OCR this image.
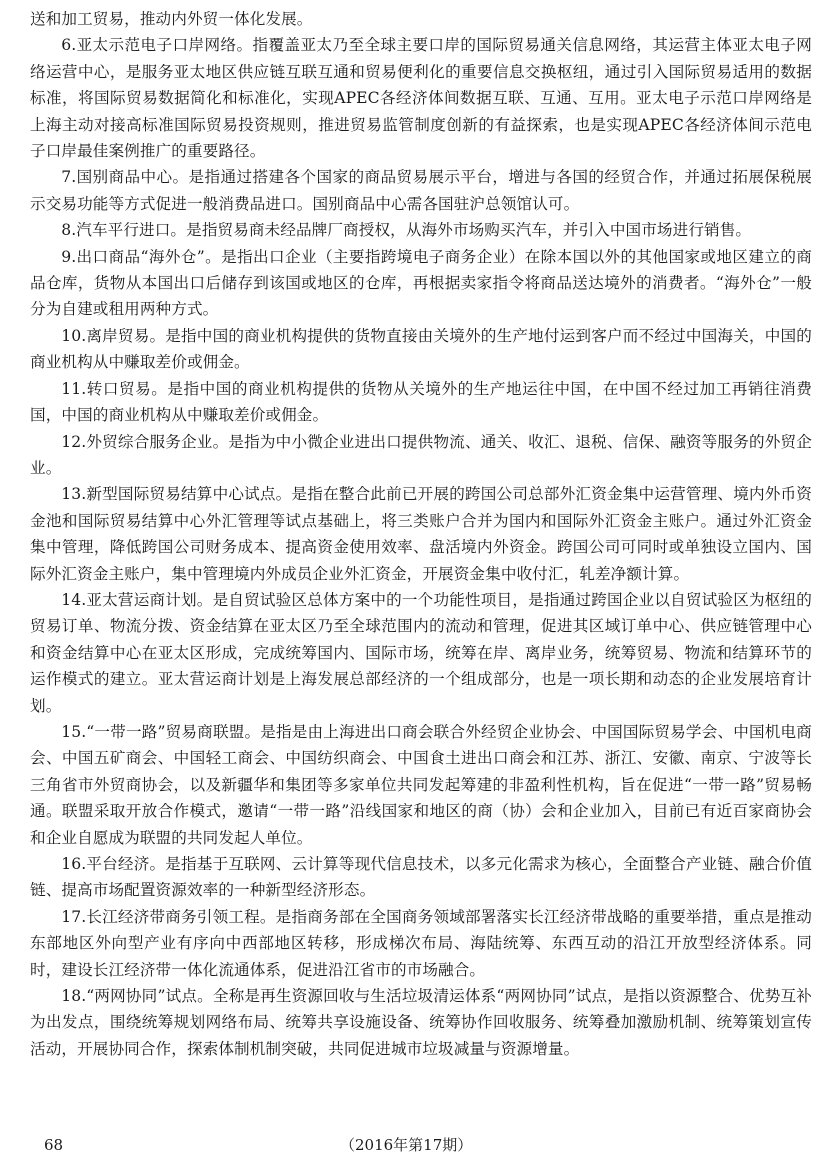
送和加工贸易，推动内外贸一体化发展。

6.亚太示范电子口岸网络。指覆盖亚太乃至全球主要口岸的国际贸易通关信息网络，其运营主体亚太电子网络运营中心，是服务亚太地区供应链互联互通和贸易便利化的重要信息交换枢纽，通过引入国际贸易适用的数据标准，将国际贸易数据简化和标准化，实现APEC各经济体间数据互联、互通、互用。亚太电子示范口岸网络是上海主动对接高标准国际贸易投资规则，推进贸易监管制度创新的有益探索，也是实现APEC各经济体间示范电子口岸最佳案例推广的重要路径。

7.国别商品中心。是指通过搭建各个国家的商品贸易展示平台，增进与各国的经贸合作，并通过拓展保税展示交易功能等方式促进一般消费品进口。国别商品中心需各国驻沪总领馆认可。

8.汽车平行进口。是指贸易商未经品牌厂商授权，从海外市场购买汽车，并引入中国市场进行销售。

9.出口商品“海外仓”。是指出口企业（主要指跨境电子商务企业）在除本国以外的其他国家或地区建立的商品仓库，货物从本国出口后储存到该国或地区的仓库，再根据卖家指令将商品送达境外的消费者。“海外仓”一般分为自建或租用两种方式。

10.离岸贸易。是指中国的商业机构提供的货物直接由关境外的生产地付运到客户而不经过中国海关，中国的商业机构从中赚取差价或佣金。

11.转口贸易。是指中国的商业机构提供的货物从关境外的生产地运往中国，在中国不经过加工再销往消费国，中国的商业机构从中赚取差价或佣金。

12.外贸综合服务企业。是指为中小微企业进出口提供物流、通关、收汇、退税、信保、融资等服务的外贸企业。

13.新型国际贸易结算中心试点。是指在整合此前已开展的跨国公司总部外汇资金集中运营管理、境内外币资金池和国际贸易结算中心外汇管理等试点基础上，将三类账户合并为国内和国际外汇资金主账户。通过外汇资金集中管理，降低跨国公司财务成本、提高资金使用效率、盘活境内外资金。跨国公司可同时或单独设立国内、国际外汇资金主账户，集中管理境内外成员企业外汇资金，开展资金集中收付汇，轧差净额计算。

14.亚太营运商计划。是自贸试验区总体方案中的一个功能性项目，是指通过跨国企业以自贸试验区为枢纽的贸易订单、物流分拨、资金结算在亚太区乃至全球范围内的流动和管理，促进其区域订单中心、供应链管理中心和资金结算中心在亚太区形成，完成统筹国内、国际市场，统筹在岸、离岸业务，统筹贸易、物流和结算环节的运作模式的建立。亚太营运商计划是上海发展总部经济的一个组成部分，也是一项长期和动态的企业发展培育计划。

15.“一带一路”贸易商联盟。是指是由上海进出口商会联合外经贸企业协会、中国国际贸易学会、中国机电商会、中国五矿商会、中国轻工商会、中国纺织商会、中国食土进出口商会和江苏、浙江、安徽、南京、宁波等长三角省市外贸商协会，以及新疆华和集团等多家单位共同发起筹建的非盈利性机构，旨在促进“一带一路”贸易畅通。联盟采取开放合作模式，邀请“一带一路”沿线国家和地区的商（协）会和企业加入，目前已有近百家商协会和企业自愿成为联盟的共同发起人单位。

16.平台经济。是指基于互联网、云计算等现代信息技术，以多元化需求为核心，全面整合产业链、融合价值链、提高市场配置资源效率的一种新型经济形态。

17.长江经济带商务引领工程。是指商务部在全国商务领域部署落实长江经济带战略的重要举措，重点是推动东部地区外向型产业有序向中西部地区转移，形成梯次布局、海陆统筹、东西互动的沿江开放型经济体系。同时，建设长江经济带一体化流通体系，促进沿江省市的市场融合。

18.“两网协同”试点。全称是再生资源回收与生活垃圾清运体系“两网协同”试点，是指以资源整合、优势互补为出发点，围绕统筹规划网络布局、统筹共享设施设备、统筹协作回收服务、统筹叠加激励机制、统筹策划宣传活动，开展协同合作，探索体制机制突破，共同促进城市垃圾减量与资源增量。

68	（2016年第17期）
